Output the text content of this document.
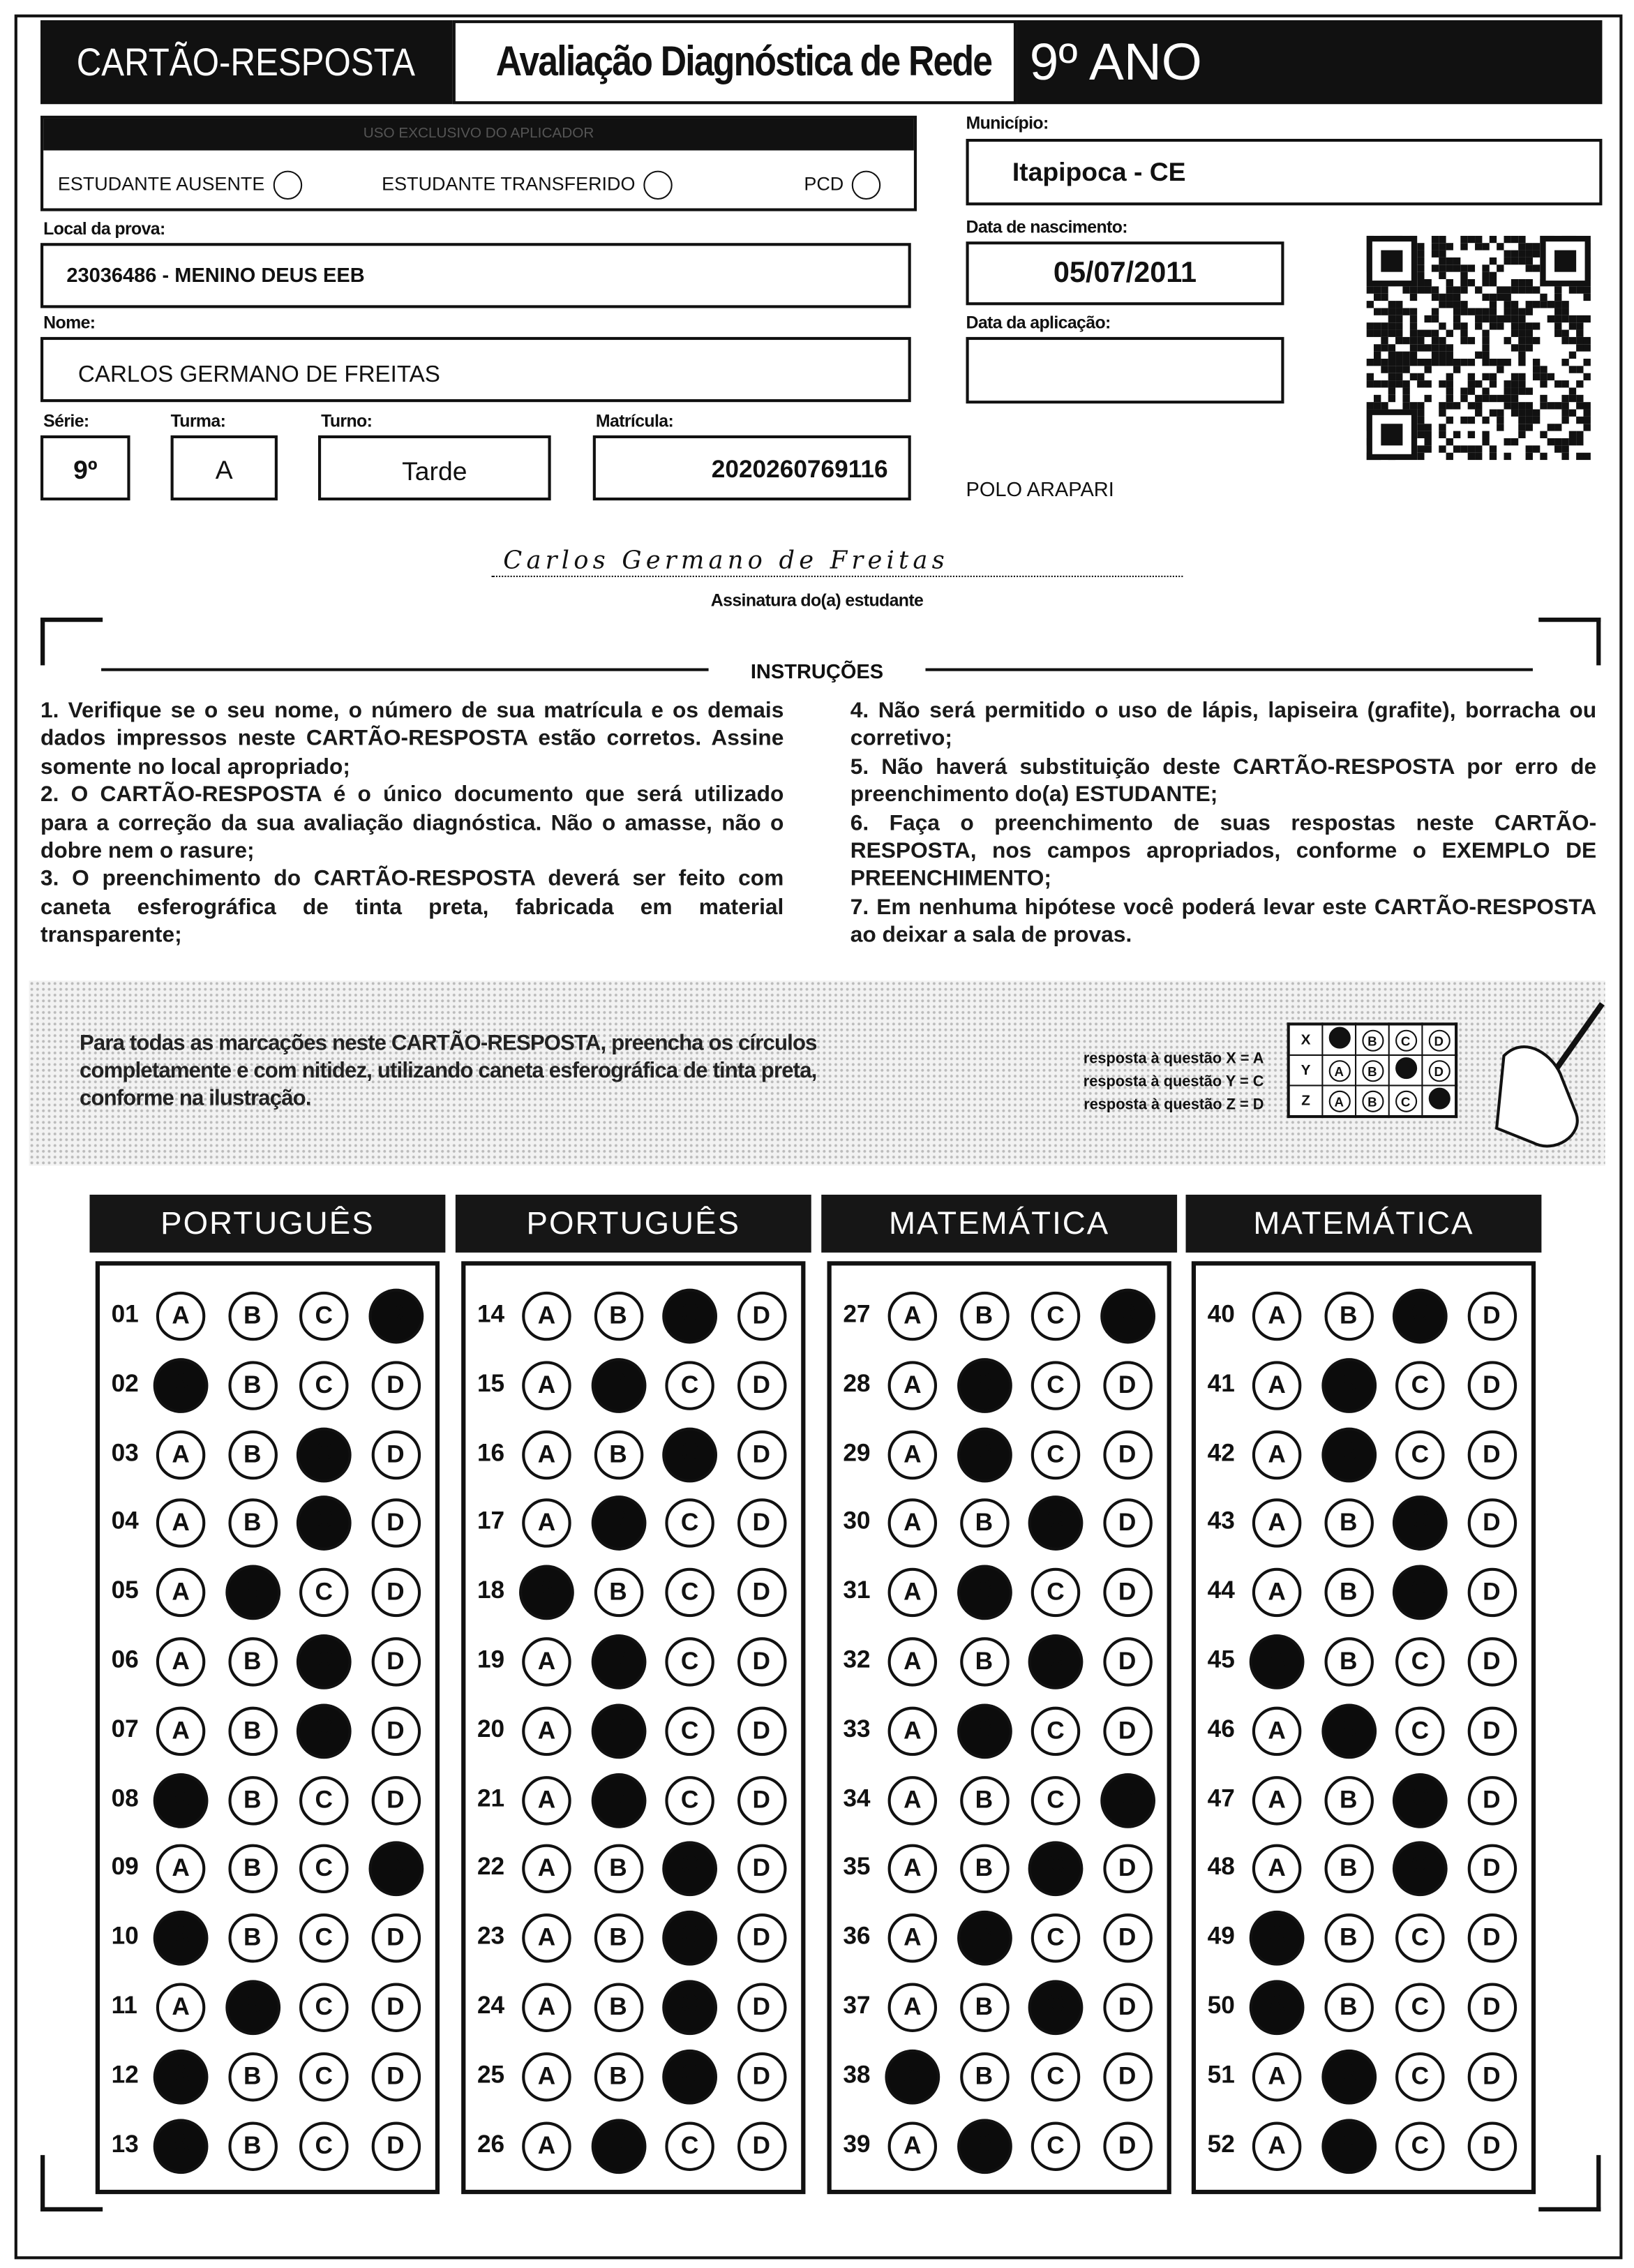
CARTÃO-RESPOSTA	Avaliação Diagnóstica de Rede	9º ANO
USO EXCLUSIVO DO APLICADOR
ESTUDANTE AUSENTE	ESTUDANTE TRANSFERIDO	PCD
Município:
Itapipoca - CE
Local da prova:
23036486 - MENINO DEUS EEB
Data de nascimento:
05/07/2011
Nome:
CARLOS GERMANO DE FREITAS
Data da aplicação:
Série:
9º
Turma:
A
Turno:
Tarde
Matrícula:
2020260769116
POLO ARAPARI
Carlos Germano de Freitas
Assinatura do(a) estudante
INSTRUÇÕES
1. Verifique se o seu nome, o número de sua matrícula e os demais dados impressos neste CARTÃO-RESPOSTA estão corretos. Assine somente no local apropriado;
2. O CARTÃO-RESPOSTA é o único documento que será utilizado para a correção da sua avaliação diagnóstica. Não o amasse, não o dobre nem o rasure;
3. O preenchimento do CARTÃO-RESPOSTA deverá ser feito com caneta esferográfica de tinta preta, fabricada em material transparente;
4. Não será permitido o uso de lápis, lapiseira (grafite), borracha ou corretivo;
5. Não haverá substituição deste CARTÃO-RESPOSTA por erro de preenchimento do(a) ESTUDANTE;
6. Faça o preenchimento de suas respostas neste CARTÃO-RESPOSTA, nos campos apropriados, conforme o EXEMPLO DE PREENCHIMENTO;
7. Em nenhuma hipótese você poderá levar este CARTÃO-RESPOSTA ao deixar a sala de provas.
Para todas as marcações neste CARTÃO-RESPOSTA, preencha os círculos completamente e com nitidez, utilizando caneta esferográfica de tinta preta, conforme na ilustração.
resposta à questão X = A
resposta à questão Y = C
resposta à questão Z = D
X		B	C	D
Y	A	B		D
Z	A	B	C	
PORTUGUÊS
01	A	B	C	D
02	A	B	C	D
03	A	B	C	D
04	A	B	C	D
05	A	B	C	D
06	A	B	C	D
07	A	B	C	D
08	A	B	C	D
09	A	B	C	D
10	A	B	C	D
11	A	B	C	D
12	A	B	C	D
13	A	B	C	D
PORTUGUÊS
14	A	B	C	D
15	A	B	C	D
16	A	B	C	D
17	A	B	C	D
18	A	B	C	D
19	A	B	C	D
20	A	B	C	D
21	A	B	C	D
22	A	B	C	D
23	A	B	C	D
24	A	B	C	D
25	A	B	C	D
26	A	B	C	D
MATEMÁTICA
27	A	B	C	D
28	A	B	C	D
29	A	B	C	D
30	A	B	C	D
31	A	B	C	D
32	A	B	C	D
33	A	B	C	D
34	A	B	C	D
35	A	B	C	D
36	A	B	C	D
37	A	B	C	D
38	A	B	C	D
39	A	B	C	D
MATEMÁTICA
40	A	B	C	D
41	A	B	C	D
42	A	B	C	D
43	A	B	C	D
44	A	B	C	D
45	A	B	C	D
46	A	B	C	D
47	A	B	C	D
48	A	B	C	D
49	A	B	C	D
50	A	B	C	D
51	A	B	C	D
52	A	B	C	D
